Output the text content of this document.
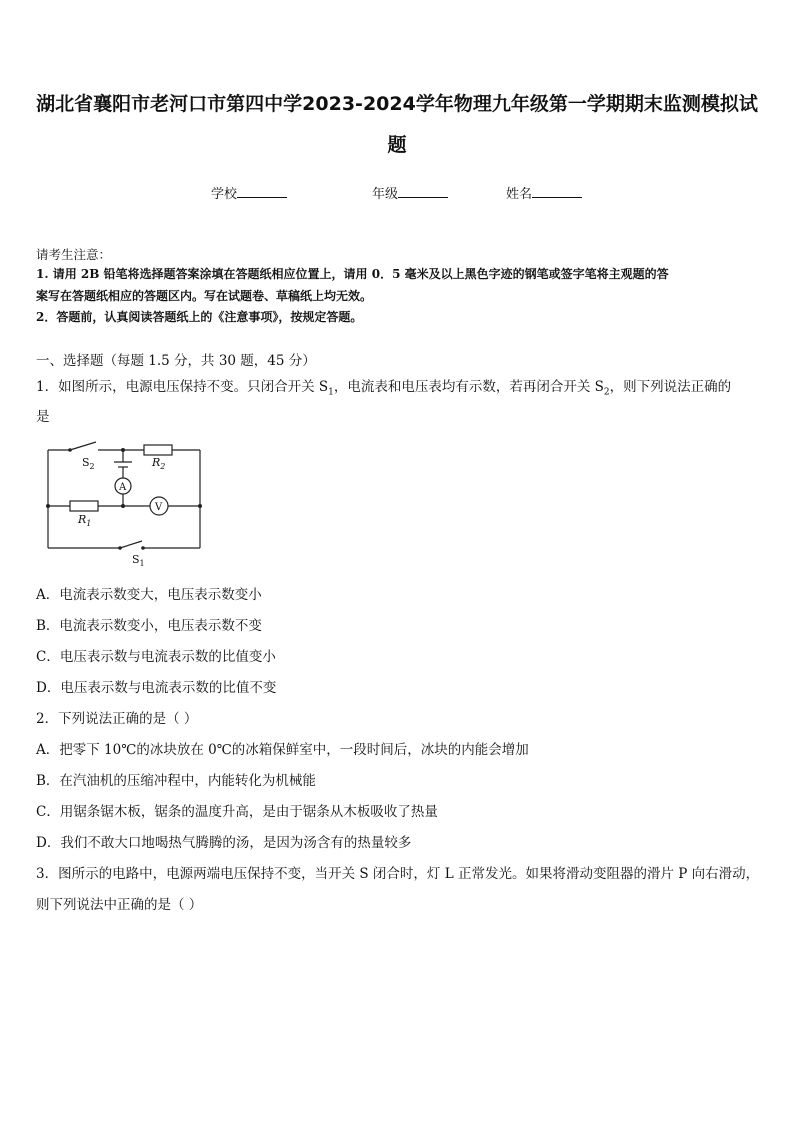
湖北省襄阳市老河口市第四中学2023-2024学年物理九年级第一学期期末监测模拟试
题
学校	年级	姓名
请考生注意：
1. 请用 2B 铅笔将选择题答案涂填在答题纸相应位置上，请用 0．5 毫米及以上黑色字迹的钢笔或签字笔将主观题的答
案写在答题纸相应的答题区内。写在试题卷、草稿纸上均无效。
2．答题前，认真阅读答题纸上的《注意事项》，按规定答题。
一、选择题（每题 1.5 分，共 30 题，45 分）
1．如图所示，电源电压保持不变。只闭合开关 $S_1$，电流表和电压表均有示数，若再闭合开关 $S_2$，则下列说法正确的
是
$S_2$	$R_2$
$R_1$
$S_1$
A
V
A．电流表示数变大，电压表示数变小
B．电流表示数变小，电压表示数不变
C．电压表示数与电流表示数的比值变小
D．电压表示数与电流表示数的比值不变
2．下列说法正确的是（ ）
A．把零下 10℃的冰块放在 0℃的冰箱保鲜室中，一段时间后，冰块的内能会增加
B．在汽油机的压缩冲程中，内能转化为机械能
C．用锯条锯木板，锯条的温度升高，是由于锯条从木板吸收了热量
D．我们不敢大口地喝热气腾腾的汤，是因为汤含有的热量较多
3．图所示的电路中，电源两端电压保持不变，当开关 S 闭合时，灯 L 正常发光。如果将滑动变阻器的滑片 P 向右滑动，
则下列说法中正确的是（ ）
